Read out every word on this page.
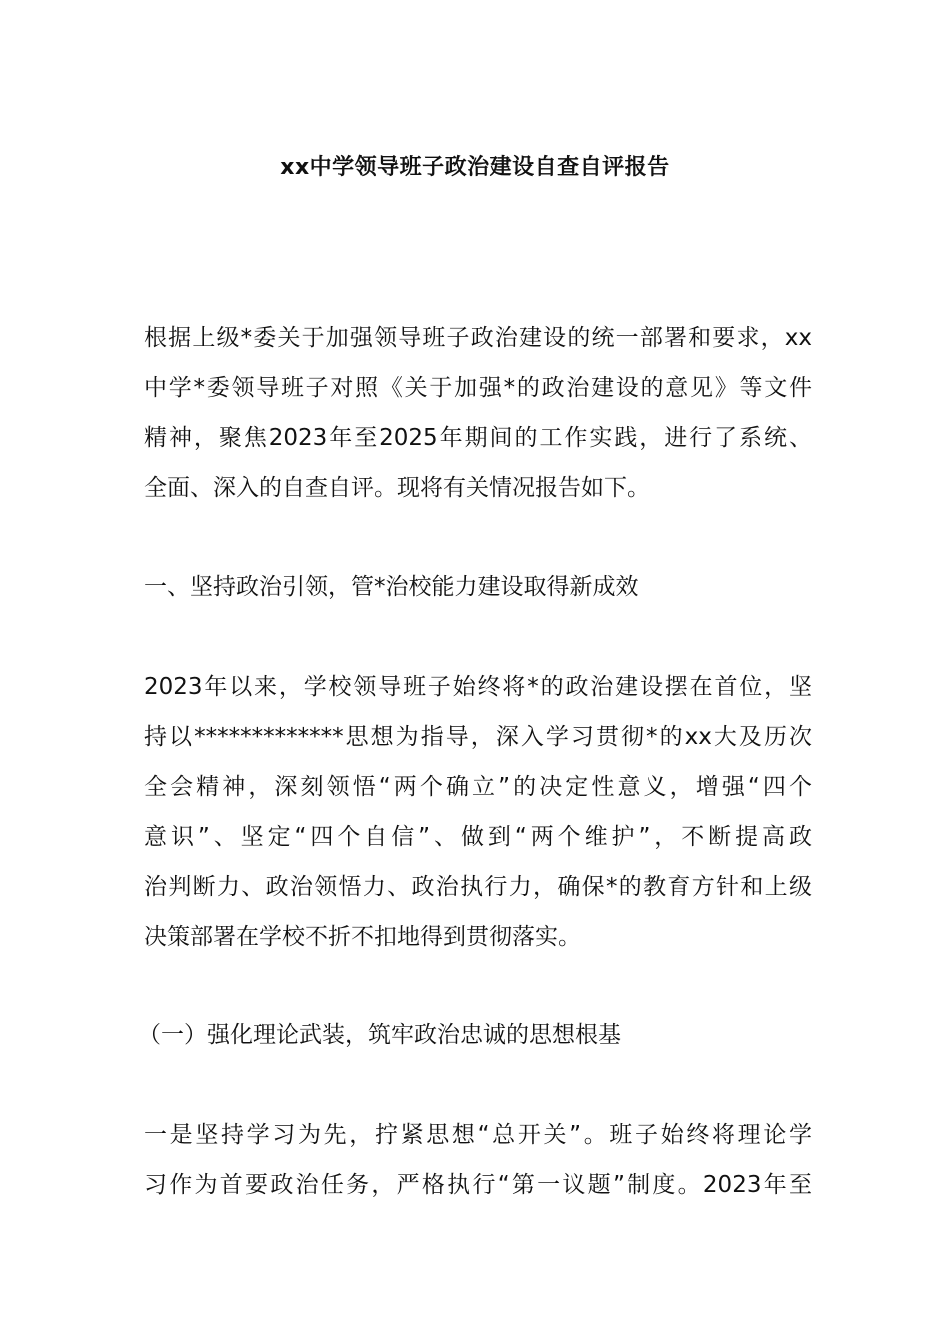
xx中学领导班子政治建设自查自评报告
根据上级*委关于加强领导班子政治建设的统一部署和要求，xx
中学*委领导班子对照《关于加强*的政治建设的意见》等文件
精神，聚焦2023年至2025年期间的工作实践，进行了系统、
全面、深入的自查自评。现将有关情况报告如下。
一、坚持政治引领，管*治校能力建设取得新成效
2023年以来，学校领导班子始终将*的政治建设摆在首位，坚
持以*************思想为指导，深入学习贯彻*的xx大及历次
全会精神，深刻领悟“两个确立”的决定性意义，增强“四个
意识”、坚定“四个自信”、做到“两个维护”，不断提高政
治判断力、政治领悟力、政治执行力，确保*的教育方针和上级
决策部署在学校不折不扣地得到贯彻落实。
（一）强化理论武装，筑牢政治忠诚的思想根基
一是坚持学习为先，拧紧思想“总开关”。班子始终将理论学
习作为首要政治任务，严格执行“第一议题”制度。2023年至
